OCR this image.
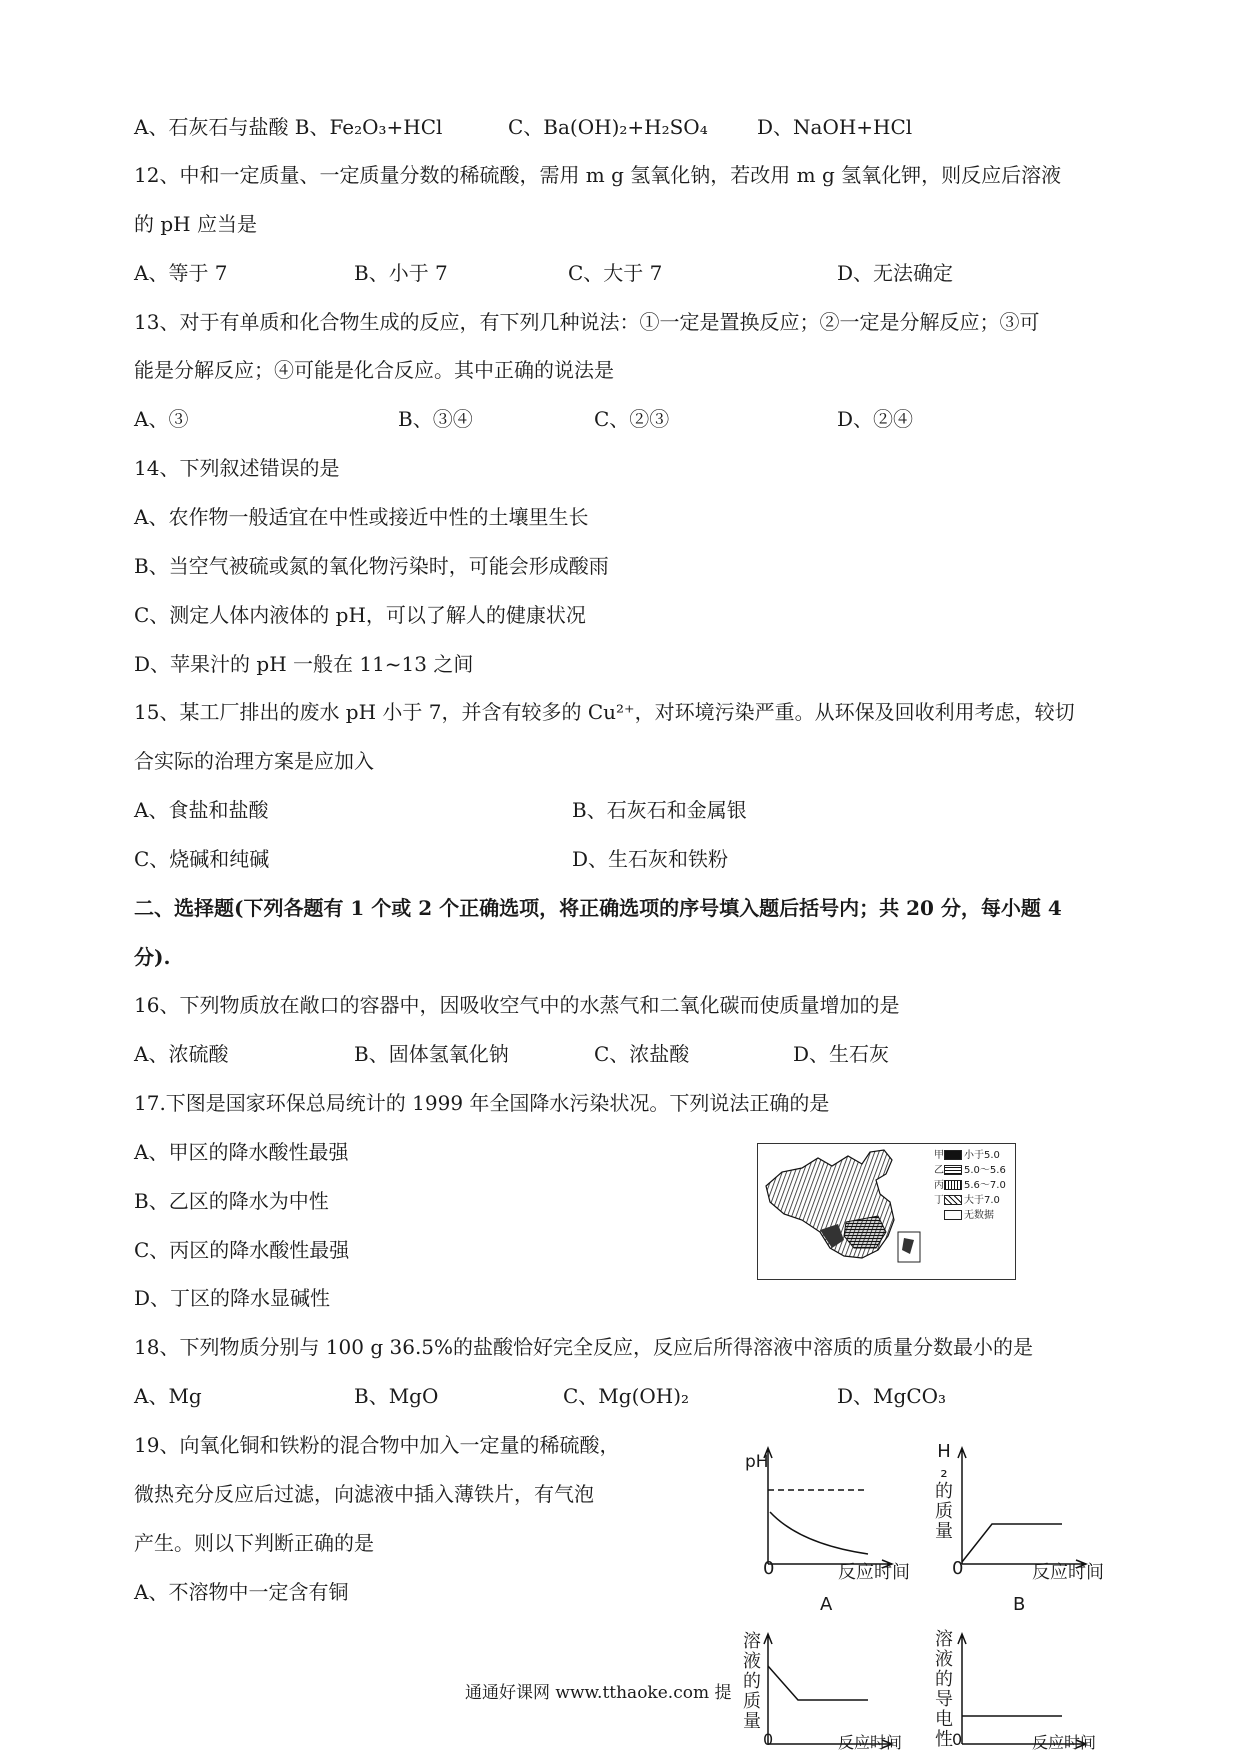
A、石灰石与盐酸 B、Fe₂O₃+HCl	C、Ba(OH)₂+H₂SO₄ D、NaOH+HCl
12、中和一定质量、一定质量分数的稀硫酸，需用 m g 氢氧化钠，若改用 m g 氢氧化钾，则反应后溶液
的 pH 应当是
A、等于 7	B、小于 7	C、大于 7	D、无法确定
13、对于有单质和化合物生成的反应，有下列几种说法：①一定是置换反应；②一定是分解反应；③可
能是分解反应；④可能是化合反应。其中正确的说法是
A、③	B、③④	C、②③	D、②④
14、下列叙述错误的是
A、农作物一般适宜在中性或接近中性的土壤里生长
B、当空气被硫或氮的氧化物污染时，可能会形成酸雨
C、测定人体内液体的 pH，可以了解人的健康状况
D、苹果汁的 pH 一般在 11~13 之间
15、某工厂排出的废水 pH 小于 7，并含有较多的 Cu²⁺，对环境污染严重。从环保及回收利用考虑，较切
合实际的治理方案是应加入
A、食盐和盐酸	B、石灰石和金属银
C、烧碱和纯碱	D、生石灰和铁粉
二、选择题(下列各题有 1 个或 2 个正确选项，将正确选项的序号填入题后括号内；共 20 分，每小题 4
分).
16、下列物质放在敞口的容器中，因吸收空气中的水蒸气和二氧化碳而使质量增加的是
A、浓硫酸	B、固体氢氧化钠	C、浓盐酸	D、生石灰
17.下图是国家环保总局统计的 1999 年全国降水污染状况。下列说法正确的是
A、甲区的降水酸性最强
B、乙区的降水为中性
C、丙区的降水酸性最强
D、丁区的降水显碱性
甲 小于5.0
乙 5.0～5.6
丙 5.6～7.0
丁 大于7.0
无数据
18、下列物质分别与 100 g 36.5%的盐酸恰好完全反应，反应后所得溶液中溶质的质量分数最小的是
A、Mg	B、MgO	C、Mg(OH)₂	D、MgCO₃
19、向氧化铜和铁粉的混合物中加入一定量的稀硫酸，
微热充分反应后过滤，向滤液中插入薄铁片，有气泡
产生。则以下判断正确的是
A、不溶物中一定含有铜
pH	H₂的质量
0	反应时间 0	反应时间
A	B
溶液的质量
溶液的导电性
0	反应时间	0	反应时间
通通好课网 www.tthaoke.com 提
